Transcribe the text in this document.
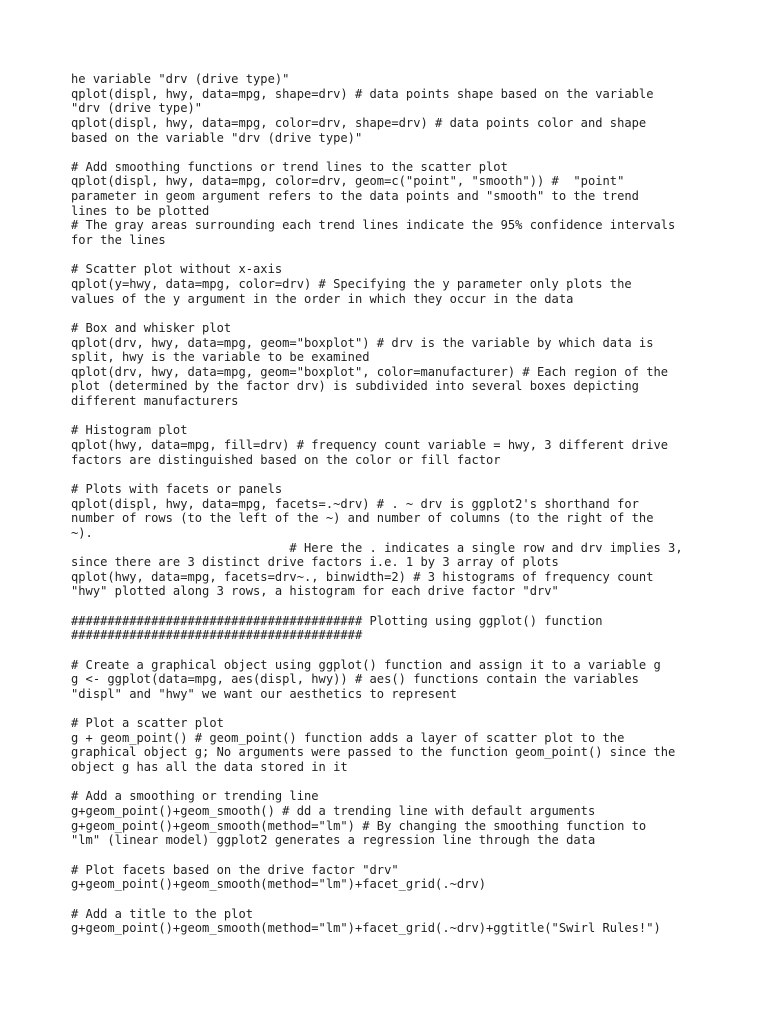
he variable "drv (drive type)"
qplot(displ, hwy, data=mpg, shape=drv) # data points shape based on the variable
"drv (drive type)"
qplot(displ, hwy, data=mpg, color=drv, shape=drv) # data points color and shape
based on the variable "drv (drive type)"
# Add smoothing functions or trend lines to the scatter plot
qplot(displ, hwy, data=mpg, color=drv, geom=c("point", "smooth")) #  "point"
parameter in geom argument refers to the data points and "smooth" to the trend
lines to be plotted
# The gray areas surrounding each trend lines indicate the 95% confidence intervals
for the lines
# Scatter plot without x-axis
qplot(y=hwy, data=mpg, color=drv) # Specifying the y parameter only plots the
values of the y argument in the order in which they occur in the data
# Box and whisker plot
qplot(drv, hwy, data=mpg, geom="boxplot") # drv is the variable by which data is
split, hwy is the variable to be examined
qplot(drv, hwy, data=mpg, geom="boxplot", color=manufacturer) # Each region of the
plot (determined by the factor drv) is subdivided into several boxes depicting
different manufacturers
# Histogram plot
qplot(hwy, data=mpg, fill=drv) # frequency count variable = hwy, 3 different drive
factors are distinguished based on the color or fill factor
# Plots with facets or panels
qplot(displ, hwy, data=mpg, facets=.~drv) # . ~ drv is ggplot2's shorthand for
number of rows (to the left of the ~) and number of columns (to the right of the
~).
# Here the . indicates a single row and drv implies 3,
since there are 3 distinct drive factors i.e. 1 by 3 array of plots
qplot(hwy, data=mpg, facets=drv~., binwidth=2) # 3 histograms of frequency count
"hwy" plotted along 3 rows, a histogram for each drive factor "drv"
######################################## Plotting using ggplot() function
########################################
# Create a graphical object using ggplot() function and assign it to a variable g
g <- ggplot(data=mpg, aes(displ, hwy)) # aes() functions contain the variables
"displ" and "hwy" we want our aesthetics to represent
# Plot a scatter plot
g + geom_point() # geom_point() function adds a layer of scatter plot to the
graphical object g; No arguments were passed to the function geom_point() since the
object g has all the data stored in it
# Add a smoothing or trending line
g+geom_point()+geom_smooth() # dd a trending line with default arguments
g+geom_point()+geom_smooth(method="lm") # By changing the smoothing function to
"lm" (linear model) ggplot2 generates a regression line through the data
# Plot facets based on the drive factor "drv"
g+geom_point()+geom_smooth(method="lm")+facet_grid(.~drv)
# Add a title to the plot
g+geom_point()+geom_smooth(method="lm")+facet_grid(.~drv)+ggtitle("Swirl Rules!")
